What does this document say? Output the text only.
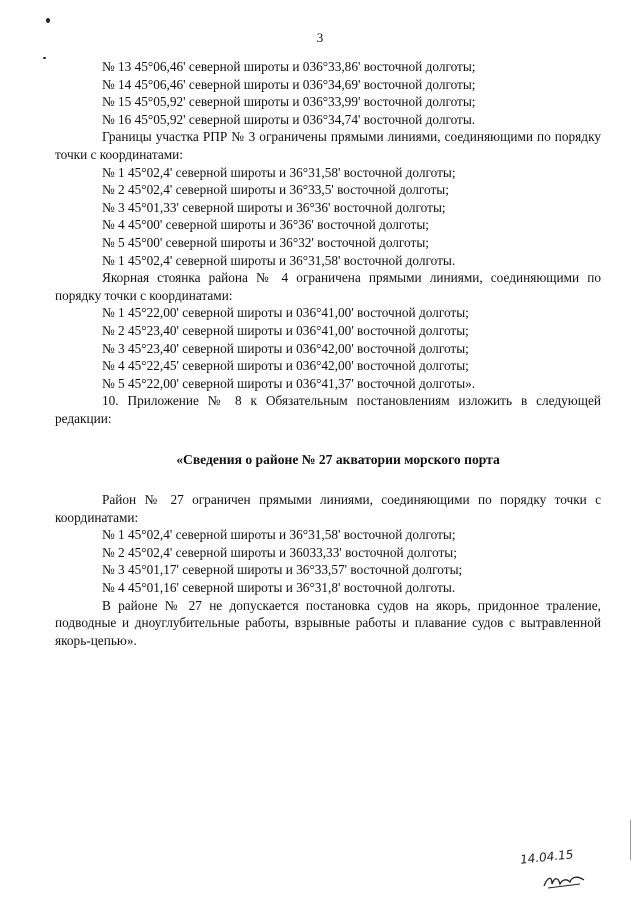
3
№ 13 45°06,46' северной широты и 036°33,86' восточной долготы;
№ 14 45°06,46' северной широты и 036°34,69' восточной долготы;
№ 15 45°05,92' северной широты и 036°33,99' восточной долготы;
№ 16 45°05,92' северной широты и 036°34,74' восточной долготы.
Границы участка РПР № 3 ограничены прямыми линиями, соединяющими по порядку точки с координатами:
№ 1 45°02,4' северной широты и 36°31,58' восточной долготы;
№ 2 45°02,4' северной широты и 36°33,5' восточной долготы;
№ 3 45°01,33' северной широты и 36°36' восточной долготы;
№ 4 45°00' северной широты и 36°36' восточной долготы;
№ 5 45°00' северной широты и 36°32' восточной долготы;
№ 1 45°02,4' северной широты и 36°31,58' восточной долготы.
Якорная стоянка района № 4 ограничена прямыми линиями, соединяющими по порядку точки с координатами:
№ 1 45°22,00' северной широты и 036°41,00' восточной долготы;
№ 2 45°23,40' северной широты и 036°41,00' восточной долготы;
№ 3 45°23,40' северной широты и 036°42,00' восточной долготы;
№ 4 45°22,45' северной широты и 036°42,00' восточной долготы;
№ 5 45°22,00' северной широты и 036°41,37' восточной долготы».
10. Приложение № 8 к Обязательным постановлениям изложить в следующей редакции:
«Сведения о районе № 27 акватории морского порта
Район № 27 ограничен прямыми линиями, соединяющими по порядку точки с координатами:
№ 1 45°02,4' северной широты и 36°31,58' восточной долготы;
№ 2 45°02,4' северной широты и 36033,33' восточной долготы;
№ 3 45°01,17' северной широты и 36°33,57' восточной долготы;
№ 4 45°01,16' северной широты и 36°31,8' восточной долготы.
В районе № 27 не допускается постановка судов на якорь, придонное траление, подводные и дноуглубительные работы, взрывные работы и плавание судов с вытравленной якорь-цепью».
14.04.15
